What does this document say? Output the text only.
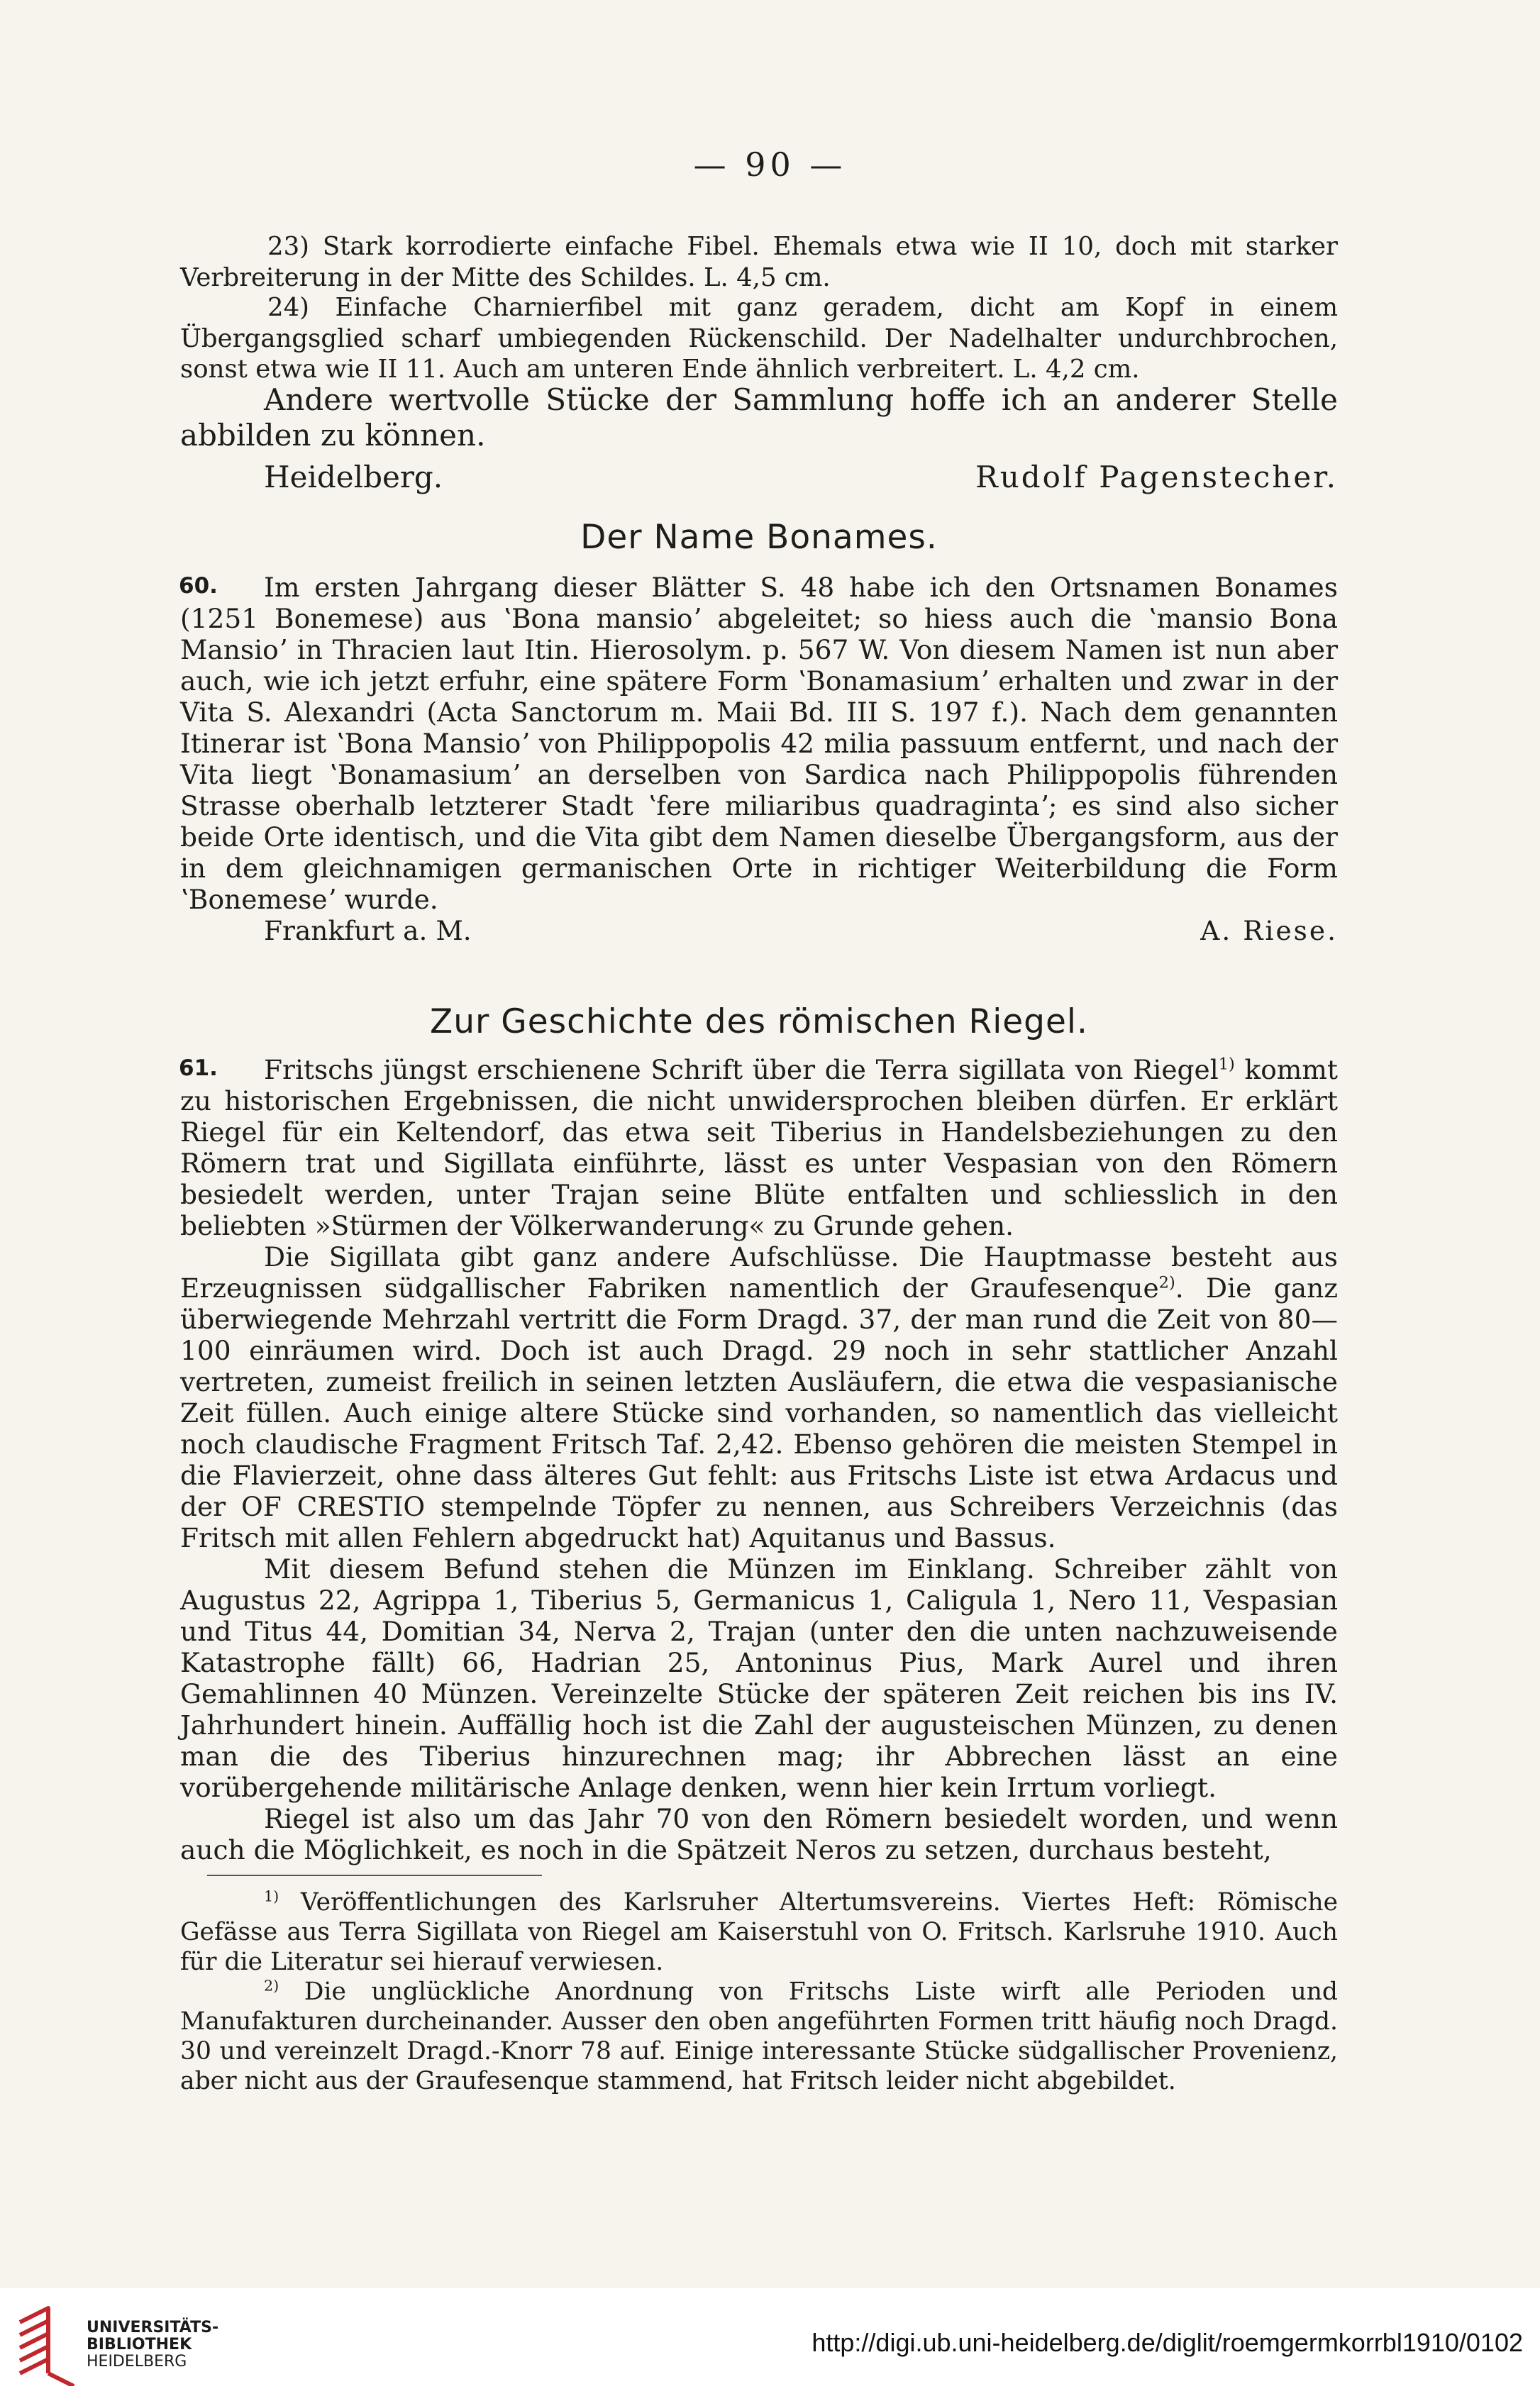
— 90 —

23) Stark korrodierte einfache Fibel. Ehemals etwa wie II 10, doch mit starker Verbreiterung in der Mitte des Schildes. L. 4,5 cm.

24) Einfache Charnierfibel mit ganz geradem, dicht am Kopf in einem Übergangsglied scharf umbiegenden Rückenschild. Der Nadelhalter undurchbrochen, sonst etwa wie II 11. Auch am unteren Ende ähnlich verbreitert. L. 4,2 cm.

Andere wertvolle Stücke der Sammlung hoffe ich an anderer Stelle abbilden zu können.

Heidelberg.	Rudolf Pagenstecher.
Der Name Bonames.
60.	Im ersten Jahrgang dieser Blätter S. 48 habe ich den Ortsnamen Bonames (1251 Bonemese) aus ʽBona mansioʼ abgeleitet; so hiess auch die ʽmansio Bona Mansioʼ in Thracien laut Itin. Hierosolym. p. 567 W. Von diesem Namen ist nun aber auch, wie ich jetzt erfuhr, eine spätere Form ʽBonamasiumʼ erhalten und zwar in der Vita S. Alexandri (Acta Sanctorum m. Maii Bd. III S. 197 f.). Nach dem genannten Itinerar ist ʽBona Mansioʼ von Philippopolis 42 milia passuum entfernt, und nach der Vita liegt ʽBonamasiumʼ an derselben von Sardica nach Philippopolis führenden Strasse oberhalb letzterer Stadt ʽfere miliaribus quadragintaʼ; es sind also sicher beide Orte identisch, und die Vita gibt dem Namen dieselbe Übergangsform, aus der in dem gleichnamigen germanischen Orte in richtiger Weiterbildung die Form ʽBonemeseʼ wurde.

Frankfurt a. M.	A. Riese.
Zur Geschichte des römischen Riegel.
61.	Fritschs jüngst erschienene Schrift über die Terra sigillata von Riegel$^{1)}$ kommt zu historischen Ergebnissen, die nicht unwidersprochen bleiben dürfen. Er erklärt Riegel für ein Keltendorf, das etwa seit Tiberius in Handelsbeziehungen zu den Römern trat und Sigillata einführte, lässt es unter Vespasian von den Römern besiedelt werden, unter Trajan seine Blüte entfalten und schliesslich in den beliebten »Stürmen der Völkerwanderung« zu Grunde gehen.

Die Sigillata gibt ganz andere Aufschlüsse. Die Hauptmasse besteht aus Erzeugnissen südgallischer Fabriken namentlich der Graufesenque$^{2)}$. Die ganz überwiegende Mehrzahl vertritt die Form Dragd. 37, der man rund die Zeit von 80—100 einräumen wird. Doch ist auch Dragd. 29 noch in sehr stattlicher Anzahl vertreten, zumeist freilich in seinen letzten Ausläufern, die etwa die vespasianische Zeit füllen. Auch einige altere Stücke sind vorhanden, so namentlich das vielleicht noch claudische Fragment Fritsch Taf. 2,42. Ebenso gehören die meisten Stempel in die Flavierzeit, ohne dass älteres Gut fehlt: aus Fritschs Liste ist etwa Ardacus und der OF CRESTIO stempelnde Töpfer zu nennen, aus Schreibers Verzeichnis (das Fritsch mit allen Fehlern abgedruckt hat) Aquitanus und Bassus.

Mit diesem Befund stehen die Münzen im Einklang. Schreiber zählt von Augustus 22, Agrippa 1, Tiberius 5, Germanicus 1, Caligula 1, Nero 11, Vespasian und Titus 44, Domitian 34, Nerva 2, Trajan (unter den die unten nachzuweisende Katastrophe fällt) 66, Hadrian 25, Antoninus Pius, Mark Aurel und ihren Gemahlinnen 40 Münzen. Vereinzelte Stücke der späteren Zeit reichen bis ins IV. Jahrhundert hinein. Auffällig hoch ist die Zahl der augusteischen Münzen, zu denen man die des Tiberius hinzurechnen mag; ihr Abbrechen lässt an eine vorübergehende militärische Anlage denken, wenn hier kein Irrtum vorliegt.

Riegel ist also um das Jahr 70 von den Römern besiedelt worden, und wenn auch die Möglichkeit, es noch in die Spätzeit Neros zu setzen, durchaus besteht,

$^{1)}$ Veröffentlichungen des Karlsruher Altertumsvereins. Viertes Heft: Römische Gefässe aus Terra Sigillata von Riegel am Kaiserstuhl von O. Fritsch. Karlsruhe 1910. Auch für die Literatur sei hierauf verwiesen.

$^{2)}$ Die unglückliche Anordnung von Fritschs Liste wirft alle Perioden und Manufakturen durcheinander. Ausser den oben angeführten Formen tritt häufig noch Dragd. 30 und vereinzelt Dragd.-Knorr 78 auf. Einige interessante Stücke südgallischer Provenienz, aber nicht aus der Graufesenque stammend, hat Fritsch leider nicht abgebildet.

UNIVERSITÄTS-
BIBLIOTHEK
HEIDELBERG
http://digi.ub.uni-heidelberg.de/diglit/roemgermkorrbl1910/0102
